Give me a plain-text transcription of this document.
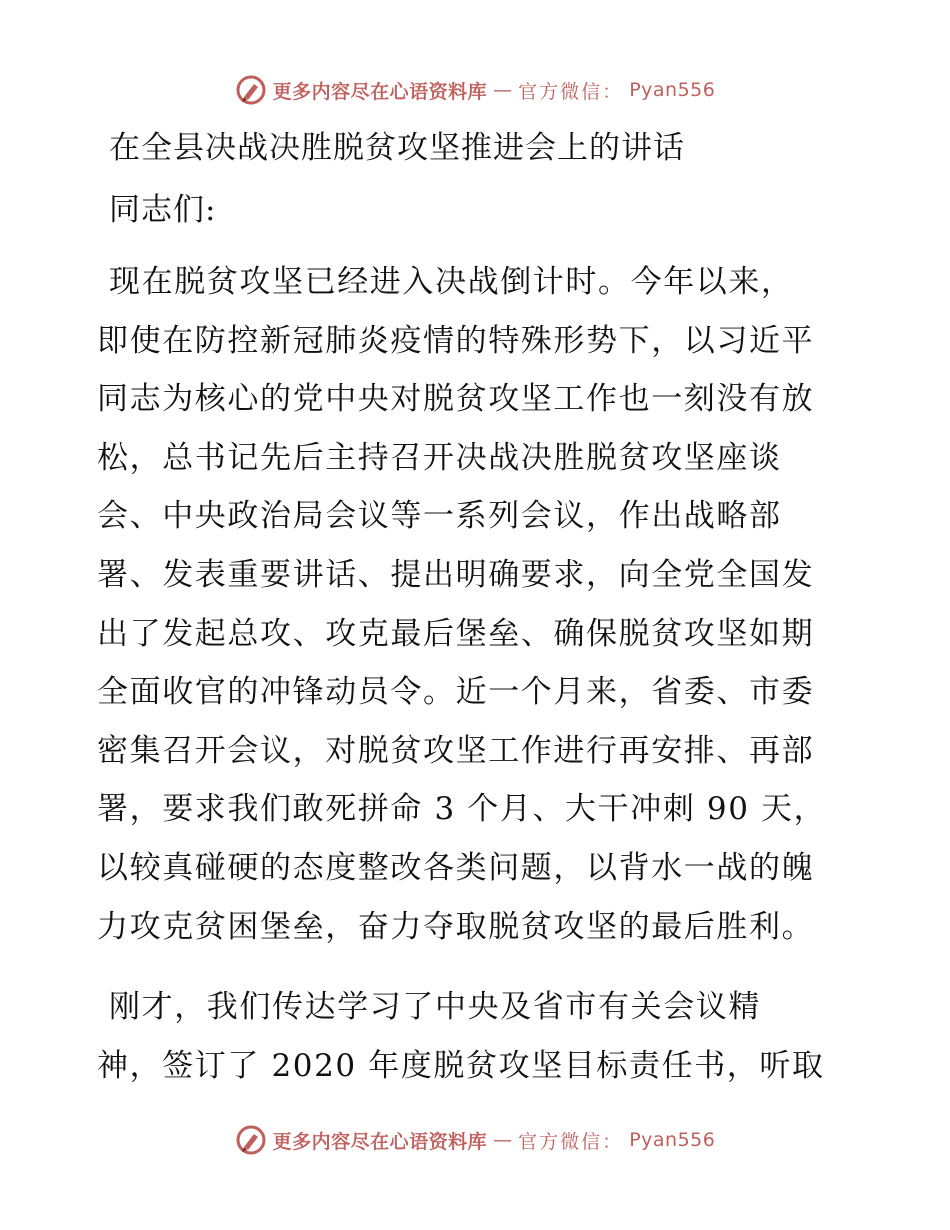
更多内容尽在心语资料库 — 官方微信： Pyan556
在全县决战决胜脱贫攻坚推进会上的讲话
同志们:
现在脱贫攻坚已经进入决战倒计时。今年以来，
即使在防控新冠肺炎疫情的特殊形势下，以习近平
同志为核心的党中央对脱贫攻坚工作也一刻没有放
松，总书记先后主持召开决战决胜脱贫攻坚座谈
会、中央政治局会议等一系列会议，作出战略部
署、发表重要讲话、提出明确要求，向全党全国发
出了发起总攻、攻克最后堡垒、确保脱贫攻坚如期
全面收官的冲锋动员令。近一个月来，省委、市委
密集召开会议，对脱贫攻坚工作进行再安排、再部
署，要求我们敢死拼命 3 个月、大干冲刺 90 天，
以较真碰硬的态度整改各类问题，以背水一战的魄
力攻克贫困堡垒，奋力夺取脱贫攻坚的最后胜利。
刚才，我们传达学习了中央及省市有关会议精
神，签订了 2020 年度脱贫攻坚目标责任书，听取
更多内容尽在心语资料库 — 官方微信： Pyan556
